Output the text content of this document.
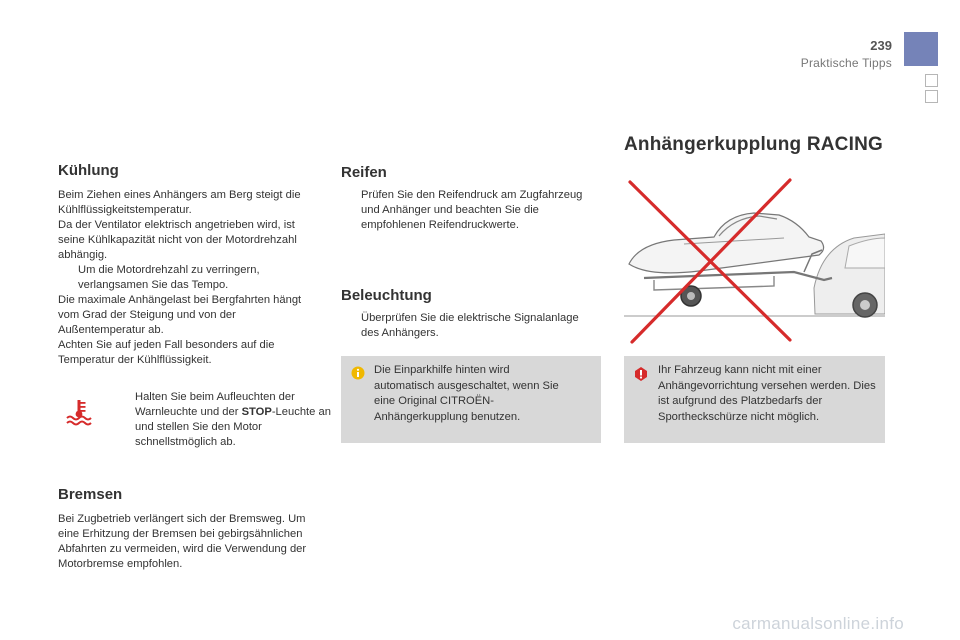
239
Praktische Tipps
Kühlung

Beim Ziehen eines Anhängers am Berg steigt die Kühlflüssigkeitstemperatur.

Da der Ventilator elektrisch angetrieben wird, ist seine Kühlkapazität nicht von der Motordrehzahl abhängig.

Um die Motordrehzahl zu verringern, verlangsamen Sie das Tempo.

Die maximale Anhängelast bei Bergfahrten hängt vom Grad der Steigung und von der Außentemperatur ab.

Achten Sie auf jeden Fall besonders auf die Temperatur der Kühlflüssigkeit.

Halten Sie beim Aufleuchten der Warnleuchte und der STOP-Leuchte an und stellen Sie den Motor schnellstmöglich ab.
Bremsen

Bei Zugbetrieb verlängert sich der Bremsweg. Um eine Erhitzung der Bremsen bei gebirgsähnlichen Abfahrten zu vermeiden, wird die Verwendung der Motorbremse empfohlen.

Reifen
Prüfen Sie den Reifendruck am Zugfahrzeug und Anhänger und beachten Sie die empfohlenen Reifendruckwerte.
Beleuchtung
Überprüfen Sie die elektrische Signalanlage des Anhängers.
Die Einparkhilfe hinten wird automatisch ausgeschaltet, wenn Sie eine Original CITROËN-Anhängerkupplung benutzen.
Anhängerkupplung RACING
Ihr Fahrzeug kann nicht mit einer Anhängevorrichtung versehen werden. Dies ist aufgrund des Platzbedarfs der Sportheckschürze nicht möglich.
carmanualsonline.info
